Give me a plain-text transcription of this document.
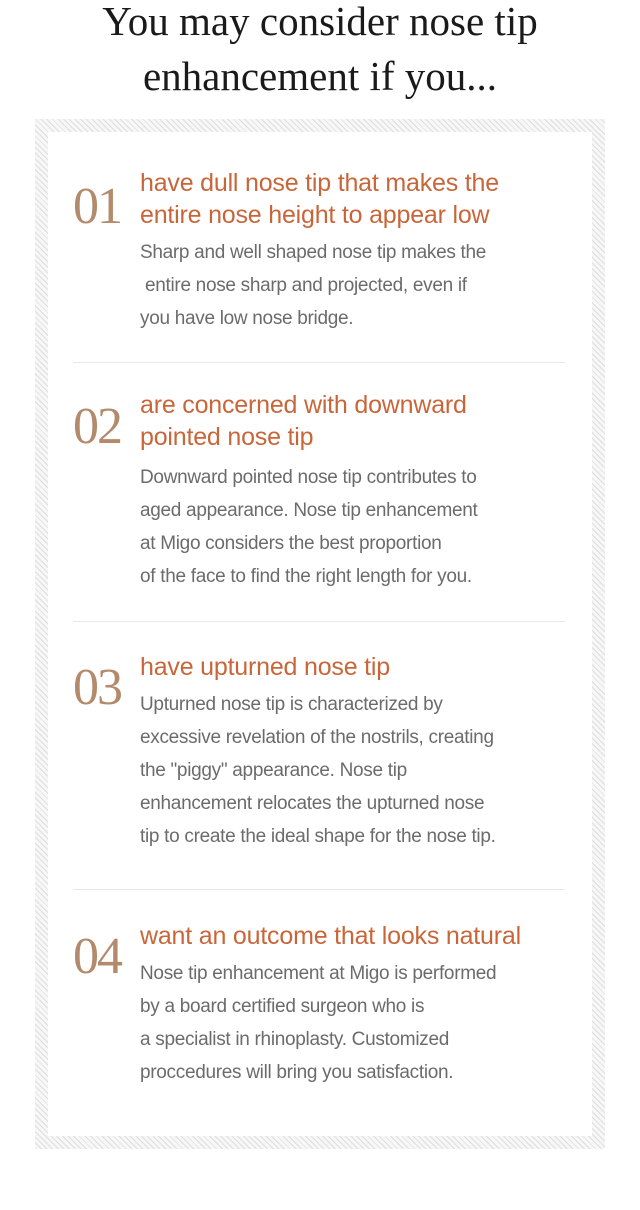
You may consider nose tip
enhancement if you...
01 have dull nose tip that makes the
entire nose height to appear low

Sharp and well shaped nose tip makes the
entire nose sharp and projected, even if
you have low nose bridge.

02 are concerned with downward
pointed nose tip

Downward pointed nose tip contributes to
aged appearance. Nose tip enhancement
at Migo considers the best proportion
of the face to find the right length for you.

03 have upturned nose tip

Upturned nose tip is characterized by
excessive revelation of the nostrils, creating
the "piggy" appearance. Nose tip
enhancement relocates the upturned nose
tip to create the ideal shape for the nose tip.

04 want an outcome that looks natural

Nose tip enhancement at Migo is performed
by a board certified surgeon who is
a specialist in rhinoplasty. Customized
proccedures will bring you satisfaction.
